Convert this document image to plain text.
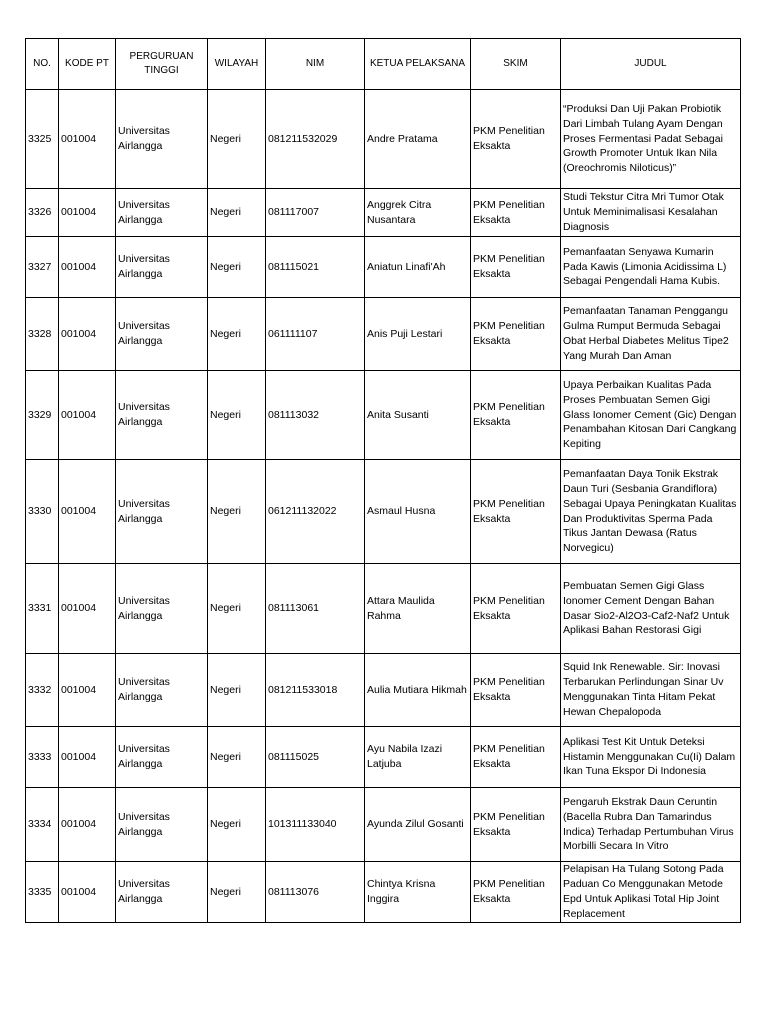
NO.	KODE PT	PERGURUAN TINGGI	WILAYAH	NIM	KETUA PELAKSANA	SKIM	JUDUL
3325	001004	Universitas Airlangga	Negeri	081211532029	Andre Pratama	PKM Penelitian Eksakta	“Produksi Dan Uji Pakan Probiotik Dari Limbah Tulang Ayam Dengan Proses Fermentasi Padat Sebagai Growth Promoter Untuk Ikan Nila (Oreochromis Niloticus)”
3326	001004	Universitas Airlangga	Negeri	081117007	Anggrek Citra Nusantara	PKM Penelitian Eksakta	Studi Tekstur Citra Mri Tumor Otak Untuk Meminimalisasi Kesalahan Diagnosis
3327	001004	Universitas Airlangga	Negeri	081115021	Aniatun Linafi'Ah	PKM Penelitian Eksakta	Pemanfaatan Senyawa Kumarin Pada Kawis (Limonia Acidissima L) Sebagai Pengendali Hama Kubis.
3328	001004	Universitas Airlangga	Negeri	061111107	Anis Puji Lestari	PKM Penelitian Eksakta	Pemanfaatan Tanaman Penggangu Gulma Rumput Bermuda Sebagai Obat Herbal Diabetes Melitus Tipe2 Yang Murah Dan Aman
3329	001004	Universitas Airlangga	Negeri	081113032	Anita Susanti	PKM Penelitian Eksakta	Upaya Perbaikan Kualitas Pada Proses Pembuatan Semen Gigi Glass Ionomer Cement (Gic) Dengan Penambahan Kitosan Dari Cangkang Kepiting
3330	001004	Universitas Airlangga	Negeri	061211132022	Asmaul Husna	PKM Penelitian Eksakta	Pemanfaatan Daya Tonik Ekstrak Daun Turi (Sesbania Grandiflora) Sebagai Upaya Peningkatan Kualitas Dan Produktivitas Sperma Pada Tikus Jantan Dewasa (Ratus Norvegicu)
3331	001004	Universitas Airlangga	Negeri	081113061	Attara Maulida Rahma	PKM Penelitian Eksakta	Pembuatan Semen Gigi Glass Ionomer Cement Dengan Bahan Dasar Sio2-Al2O3-Caf2-Naf2 Untuk Aplikasi Bahan Restorasi Gigi
3332	001004	Universitas Airlangga	Negeri	081211533018	Aulia Mutiara Hikmah	PKM Penelitian Eksakta	Squid Ink Renewable. Sir: Inovasi Terbarukan Perlindungan Sinar Uv Menggunakan Tinta Hitam Pekat Hewan Chepalopoda
3333	001004	Universitas Airlangga	Negeri	081115025	Ayu Nabila Izazi Latjuba	PKM Penelitian Eksakta	Aplikasi Test Kit Untuk Deteksi Histamin Menggunakan Cu(Ii) Dalam Ikan Tuna Ekspor Di Indonesia
3334	001004	Universitas Airlangga	Negeri	101311133040	Ayunda Zilul Gosanti	PKM Penelitian Eksakta	Pengaruh Ekstrak Daun Ceruntin (Bacella Rubra Dan Tamarindus Indica) Terhadap Pertumbuhan Virus Morbilli Secara In Vitro
3335	001004	Universitas Airlangga	Negeri	081113076	Chintya Krisna Inggira	PKM Penelitian Eksakta	Pelapisan Ha Tulang Sotong Pada Paduan Co Menggunakan Metode Epd Untuk Aplikasi Total Hip Joint Replacement
